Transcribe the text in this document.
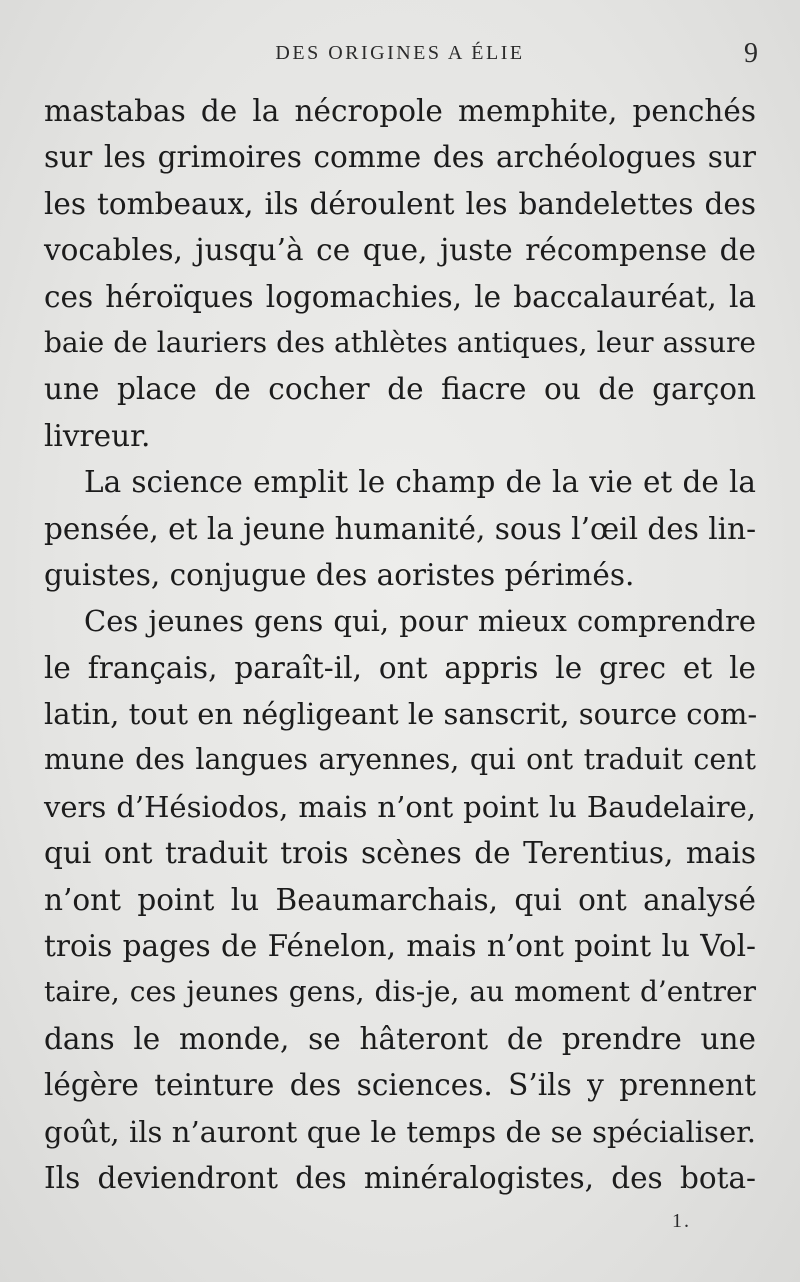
DES ORIGINES A ÉLIE	9
mastabas de la nécropole memphite, penchés
sur les grimoires comme des archéologues sur
les tombeaux, ils déroulent les bandelettes des
vocables, jusqu’à ce que, juste récompense de
ces héroïques logomachies, le baccalauréat, la
baie de lauriers des athlètes antiques, leur assure
une place de cocher de fiacre ou de garçon
livreur.
La science emplit le champ de la vie et de la
pensée, et la jeune humanité, sous l’œil des lin-
guistes, conjugue des aoristes périmés.
Ces jeunes gens qui, pour mieux comprendre
le français, paraît-il, ont appris le grec et le
latin, tout en négligeant le sanscrit, source com-
mune des langues aryennes, qui ont traduit cent
vers d’Hésiodos, mais n’ont point lu Baudelaire,
qui ont traduit trois scènes de Terentius, mais
n’ont point lu Beaumarchais, qui ont analysé
trois pages de Fénelon, mais n’ont point lu Vol-
taire, ces jeunes gens, dis-je, au moment d’entrer
dans le monde, se hâteront de prendre une
légère teinture des sciences. S’ils y prennent
goût, ils n’auront que le temps de se spécialiser.
Ils deviendront des minéralogistes, des bota-
1.
